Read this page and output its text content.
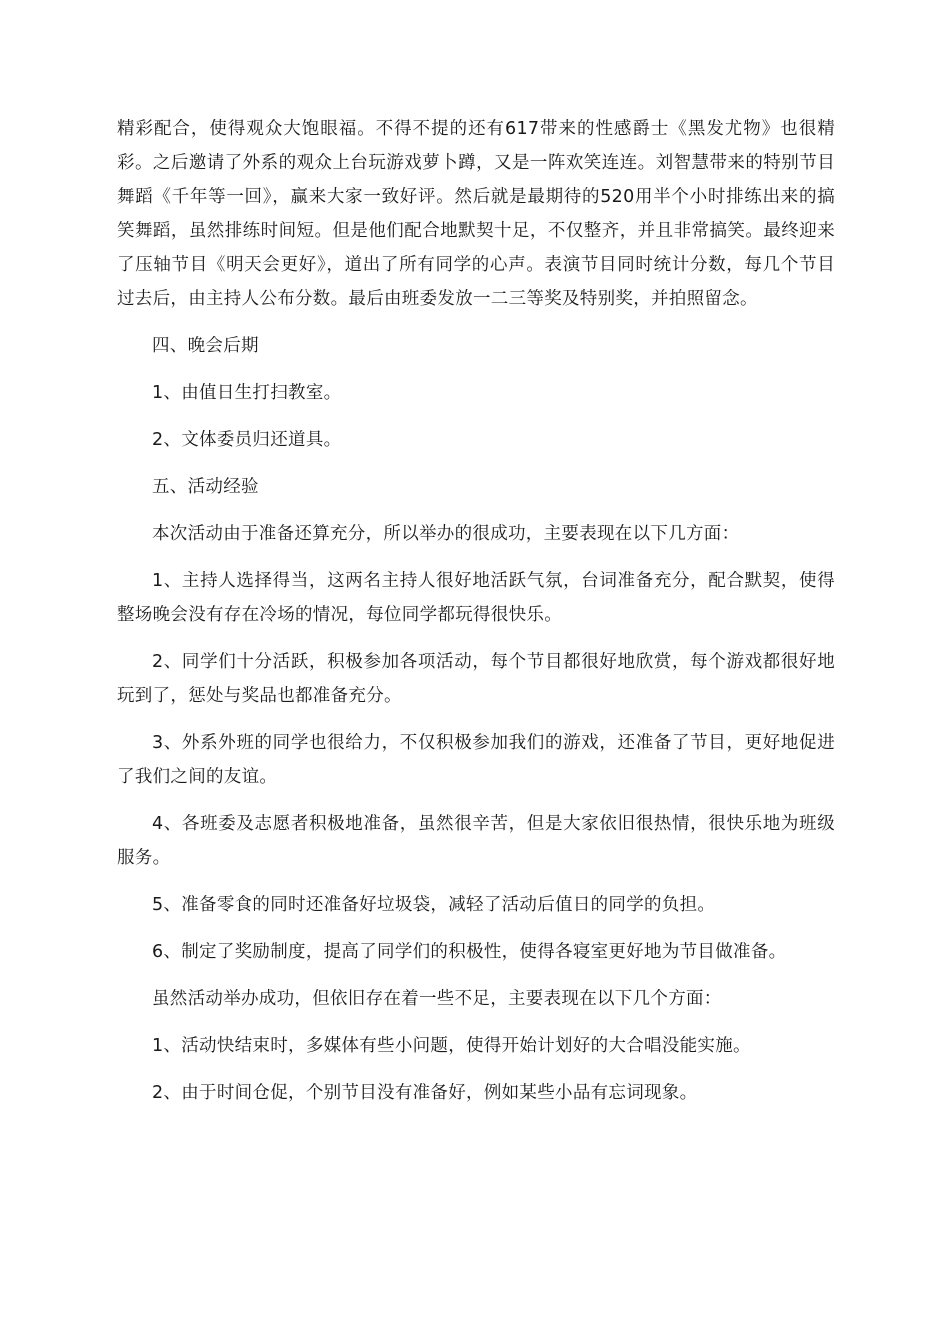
精彩配合，使得观众大饱眼福。不得不提的还有617带来的性感爵士《黑发尤物》也很精彩。之后邀请了外系的观众上台玩游戏萝卜蹲，又是一阵欢笑连连。刘智慧带来的特别节目舞蹈《千年等一回》，赢来大家一致好评。然后就是最期待的520用半个小时排练出来的搞笑舞蹈，虽然排练时间短。但是他们配合地默契十足，不仅整齐，并且非常搞笑。最终迎来了压轴节目《明天会更好》，道出了所有同学的心声。表演节目同时统计分数，每几个节目过去后，由主持人公布分数。最后由班委发放一二三等奖及特别奖，并拍照留念。

四、晚会后期

1、由值日生打扫教室。

2、文体委员归还道具。

五、活动经验

本次活动由于准备还算充分，所以举办的很成功，主要表现在以下几方面：

1、主持人选择得当，这两名主持人很好地活跃气氛，台词准备充分，配合默契，使得整场晚会没有存在冷场的情况，每位同学都玩得很快乐。

2、同学们十分活跃，积极参加各项活动，每个节目都很好地欣赏，每个游戏都很好地玩到了，惩处与奖品也都准备充分。

3、外系外班的同学也很给力，不仅积极参加我们的游戏，还准备了节目，更好地促进了我们之间的友谊。

4、各班委及志愿者积极地准备，虽然很辛苦，但是大家依旧很热情，很快乐地为班级服务。

5、准备零食的同时还准备好垃圾袋，减轻了活动后值日的同学的负担。

6、制定了奖励制度，提高了同学们的积极性，使得各寝室更好地为节目做准备。

虽然活动举办成功，但依旧存在着一些不足，主要表现在以下几个方面：

1、活动快结束时，多媒体有些小问题，使得开始计划好的大合唱没能实施。

2、由于时间仓促，个别节目没有准备好，例如某些小品有忘词现象。
